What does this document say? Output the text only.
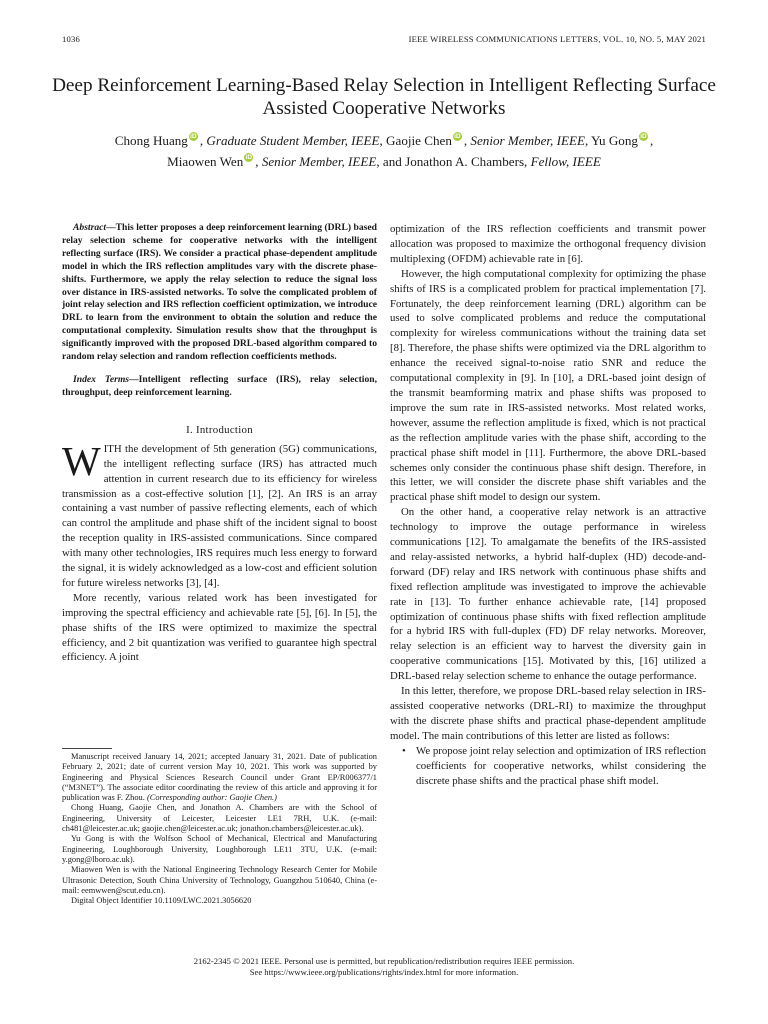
1036	IEEE WIRELESS COMMUNICATIONS LETTERS, VOL. 10, NO. 5, MAY 2021
Deep Reinforcement Learning-Based Relay Selection in Intelligent Reflecting Surface Assisted Cooperative Networks
Chong Huang iD , Graduate Student Member, IEEE, Gaojie Chen iD , Senior Member, IEEE, Yu Gong iD ,
Miaowen Wen iD , Senior Member, IEEE, and Jonathon A. Chambers, Fellow, IEEE

Abstract—This letter proposes a deep reinforcement learning (DRL) based relay selection scheme for cooperative networks with the intelligent reflecting surface (IRS). We consider a practical phase-dependent amplitude model in which the IRS reflection amplitudes vary with the discrete phase-shifts. Furthermore, we apply the relay selection to reduce the signal loss over distance in IRS-assisted networks. To solve the complicated problem of joint relay selection and IRS reflection coefficient optimization, we introduce DRL to learn from the environment to obtain the solution and reduce the computational complexity. Simulation results show that the throughput is significantly improved with the proposed DRL-based algorithm compared to random relay selection and random reflection coefficients methods.

Index Terms—Intelligent reflecting surface (IRS), relay selection, throughput, deep reinforcement learning.

I. Introduction

WITH the development of 5th generation (5G) communications, the intelligent reflecting surface (IRS) has attracted much attention in current research due to its efficiency for wireless transmission as a cost-effective solution [1], [2]. An IRS is an array containing a vast number of passive reflecting elements, each of which can control the amplitude and phase shift of the incident signal to boost the reception quality in IRS-assisted communications. Since compared with many other technologies, IRS requires much less energy to forward the signal, it is widely acknowledged as a low-cost and efficient solution for future wireless networks [3], [4].

More recently, various related work has been investigated for improving the spectral efficiency and achievable rate [5], [6]. In [5], the phase shifts of the IRS were optimized to maximize the spectral efficiency, and 2 bit quantization was verified to guarantee high spectral efficiency. A joint

Manuscript received January 14, 2021; accepted January 31, 2021. Date of publication February 2, 2021; date of current version May 10, 2021. This work was supported by Engineering and Physical Sciences Research Council under Grant EP/R006377/1 (“M3NET”). The associate editor coordinating the review of this article and approving it for publication was F. Zhou. (Corresponding author: Gaojie Chen.)

Chong Huang, Gaojie Chen, and Jonathon A. Chambers are with the School of Engineering, University of Leicester, Leicester LE1 7RH, U.K. (e-mail: ch481@leicester.ac.uk; gaojie.chen@leicester.ac.uk; jonathon.chambers@leicester.ac.uk).

Yu Gong is with the Wolfson School of Mechanical, Electrical and Manufacturing Engineering, Loughborough University, Loughborough LE11 3TU, U.K. (e-mail: y.gong@lboro.ac.uk).

Miaowen Wen is with the National Engineering Technology Research Center for Mobile Ultrasonic Detection, South China University of Technology, Guangzhou 510640, China (e-mail: eemwwen@scut.edu.cn).

Digital Object Identifier 10.1109/LWC.2021.3056620

optimization of the IRS reflection coefficients and transmit power allocation was proposed to maximize the orthogonal frequency division multiplexing (OFDM) achievable rate in [6].

However, the high computational complexity for optimizing the phase shifts of IRS is a complicated problem for practical implementation [7]. Fortunately, the deep reinforcement learning (DRL) algorithm can be used to solve complicated problems and reduce the computational complexity for wireless communications without the training data set [8]. Therefore, the phase shifts were optimized via the DRL algorithm to enhance the received signal-to-noise ratio SNR and reduce the computational complexity in [9]. In [10], a DRL-based joint design of the transmit beamforming matrix and phase shifts was proposed to improve the sum rate in IRS-assisted networks. Most related works, however, assume the reflection amplitude is fixed, which is not practical as the reflection amplitude varies with the phase shift, according to the practical phase shift model in [11]. Furthermore, the above DRL-based schemes only consider the continuous phase shift design. Therefore, in this letter, we will consider the discrete phase shift variables and the practical phase shift model to design our system.

On the other hand, a cooperative relay network is an attractive technology to improve the outage performance in wireless communications [12]. To amalgamate the benefits of the IRS-assisted and relay-assisted networks, a hybrid half-duplex (HD) decode-and-forward (DF) relay and IRS network with continuous phase shifts and fixed reflection amplitude was investigated to improve the achievable rate in [13]. To further enhance achievable rate, [14] proposed optimization of continuous phase shifts with fixed reflection amplitude for a hybrid IRS with full-duplex (FD) DF relay networks. Moreover, relay selection is an efficient way to harvest the diversity gain in cooperative communications [15]. Motivated by this, [16] utilized a DRL-based relay selection scheme to enhance the outage performance.

In this letter, therefore, we propose DRL-based relay selection in IRS-assisted cooperative networks (DRL-RI) to maximize the throughput with the discrete phase shifts and practical phase-dependent amplitude model. The main contributions of this letter are listed as follows:

• We propose joint relay selection and optimization of IRS reflection coefficients for cooperative networks, whilst considering the discrete phase shifts and the practical phase shift model.

2162-2345 © 2021 IEEE. Personal use is permitted, but republication/redistribution requires IEEE permission.
See https://www.ieee.org/publications/rights/index.html for more information.
